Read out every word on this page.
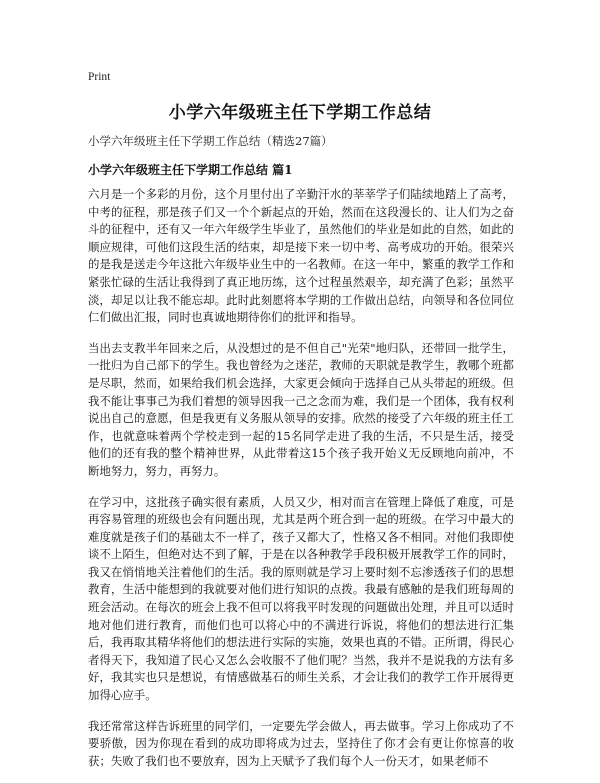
Print
小学六年级班主任下学期工作总结
小学六年级班主任下学期工作总结（精选27篇）
小学六年级班主任下学期工作总结 篇1

六月是一个多彩的月份，这个月里付出了辛勤汗水的莘莘学子们陆续地踏上了高考，中考的征程，那是孩子们又一个个新起点的开始，然而在这段漫长的、让人们为之奋斗的征程中，还有又一年六年级学生毕业了，虽然他们的毕业是如此的自然，如此的顺应规律，可他们这段生活的结束，却是接下来一切中考、高考成功的开始。很荣兴的是我是送走今年这批六年级毕业生中的一名教师。在这一年中，繁重的教学工作和紧张忙碌的生活让我得到了真正地历练，这个过程虽然艰辛，却充满了色彩；虽然平淡，却足以让我不能忘却。此时此刻愿将本学期的工作做出总结，向领导和各位同位仁们做出汇报，同时也真诚地期待你们的批评和指导。

当出去支教半年回来之后，从没想过的是不但自己"光荣"地归队，还带回一批学生，一批归为自己部下的学生。我也曾经为之迷茫，教师的天职就是教学生，教哪个班都是尽职，然而，如果给我们机会选择，大家更会倾向于选择自己从头带起的班级。但我不能让事事己为我们着想的领导因我一己之念而为难，我们是一个团体，我有权利说出自己的意愿，但是我更有义务服从领导的安排。欣然的接受了六年级的班主任工作，也就意味着两个学校走到一起的15名同学走进了我的生活，不只是生活，接受他们的还有我的整个精神世界，从此带着这15个孩子我开始义无反顾地向前冲，不断地努力，努力，再努力。

在学习中，这批孩子确实很有素质，人员又少，相对而言在管理上降低了难度，可是再容易管理的班级也会有问题出现，尤其是两个班合到一起的班级。在学习中最大的难度就是孩子们的基础太不一样了，孩子又都大了，性格又各不相同。对他们我即使谈不上陌生，但绝对达不到了解，于是在以各种教学手段积极开展教学工作的同时，我又在悄悄地关注着他们的生活。我的原则就是学习上要时刻不忘渗透孩子们的思想教育，生活中能想到的我就要对他们进行知识的点拨。我最有感触的是我们班每周的班会活动。在每次的班会上我不但可以将我平时发现的问题做出处理，并且可以适时地对他们进行教育，而他们也可以将心中的不满进行诉说，将他们的想法进行汇集后，我再取其精华将他们的想法进行实际的实施，效果也真的不错。正所谓，得民心者得天下，我知道了民心又怎么会收服不了他们呢？当然，我并不是说我的方法有多好，我其实也只是想说，有情感做基石的师生关系，才会让我们的教学工作开展得更加得心应手。

我还常常这样告诉班里的同学们，一定要先学会做人，再去做事。学习上你成功了不要骄傲，因为你现在看到的成功即将成为过去，坚持住了你才会有更让你惊喜的收获；失败了我们也不要放弃，因为上天赋予了我们每个人一份天才，如果老师不
